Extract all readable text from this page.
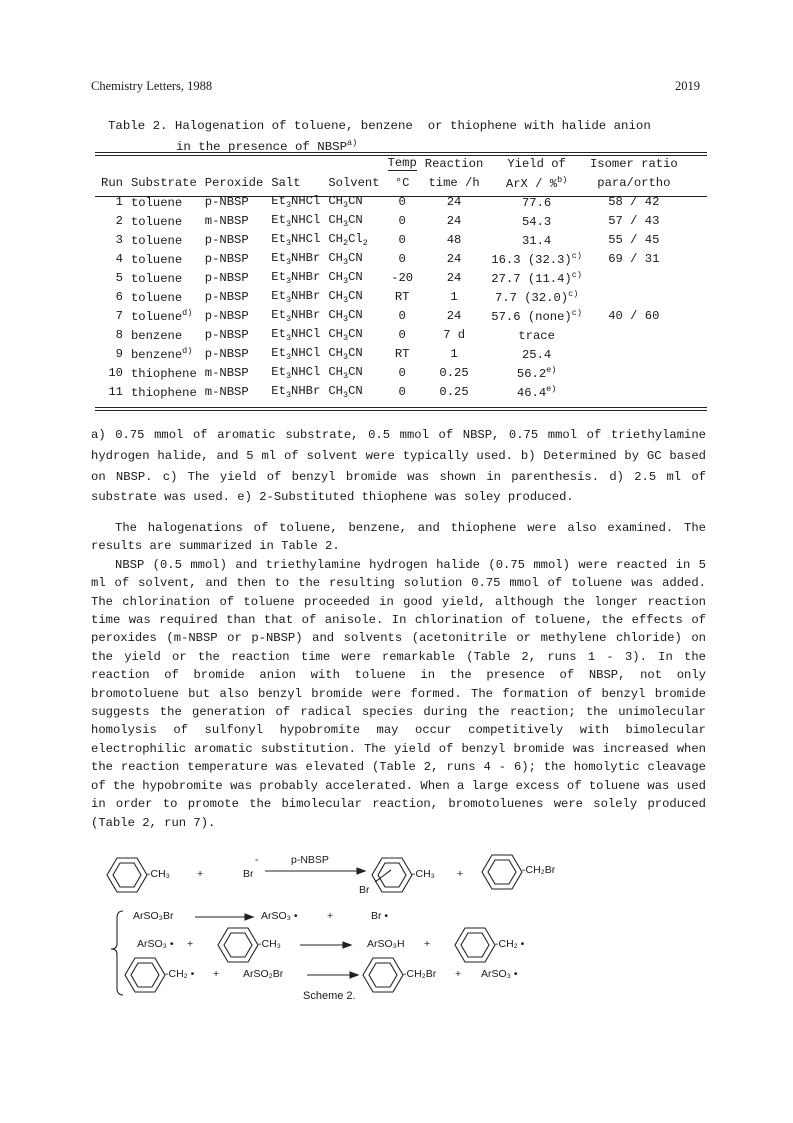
Chemistry Letters, 1988	2019
Table 2. Halogenation of toluene, benzene  or thiophene with halide anion
in the presence of NBSP$^{a)}$
					Temp	Reaction	Yield of	Isomer ratio
Run	Substrate	Peroxide	Salt	Solvent	°C	time /h	ArX / %$^{b)}$	para/ortho
1	toluene	p-NBSP	$Et_3NHCl$	$CH_3CN$	0	24	77.6	58 / 42
2	toluene	m-NBSP	$Et_3NHCl$	$CH_3CN$	0	24	54.3	57 / 43
3	toluene	p-NBSP	$Et_3NHCl$	$CH_2Cl_2$	0	48	31.4	55 / 45
4	toluene	p-NBSP	$Et_3NHBr$	$CH_3CN$	0	24	16.3 $(32.3)^{c)}$	69 / 31
5	toluene	p-NBSP	$Et_3NHBr$	$CH_3CN$	-20	24	27.7 $(11.4)^{c)}$	
6	toluene	p-NBSP	$Et_3NHBr$	$CH_3CN$	RT	1	7.7 $(32.0)^{c)}$	
7	toluene$^{d)}$	p-NBSP	$Et_3NHBr$	$CH_3CN$	0	24	57.6 (none)$^{c)}$	40 / 60
8	benzene	p-NBSP	$Et_3NHCl$	$CH_3CN$	0	7 d	trace	
9	benzene$^{d)}$	p-NBSP	$Et_3NHCl$	$CH_3CN$	RT	1	25.4	
10	thiophene	m-NBSP	$Et_3NHCl$	$CH_3CN$	0	0.25	56.2$^{e)}$	
11	thiophene	m-NBSP	$Et_3NHBr$	$CH_3CN$	0	0.25	46.4$^{e)}$	
a) 0.75 mmol of aromatic substrate, 0.5 mmol of NBSP, 0.75 mmol of triethylamine hydrogen halide, and 5 ml of solvent were typically used. b) Determined by GC based on NBSP. c) The yield of benzyl bromide was shown in parenthesis. d) 2.5 ml of substrate was used. e) 2-Substituted thiophene was soley produced.

The halogenations of toluene, benzene, and thiophene were also examined. The results are summarized in Table 2.

NBSP (0.5 mmol) and triethylamine hydrogen halide (0.75 mmol) were reacted in 5 ml of solvent, and then to the resulting solution 0.75 mmol of toluene was added. The chlorination of toluene proceeded in good yield, although the longer reaction time was required than that of anisole. In chlorination of toluene, the effects of peroxides (m-NBSP or p-NBSP) and solvents (acetonitrile or methylene chloride) on the yield or the reaction time were remarkable (Table 2, runs 1 - 3). In the reaction of bromide anion with toluene in the presence of NBSP, not only bromotoluene but also benzyl bromide were formed. The formation of benzyl bromide suggests the generation of radical species during the reaction; the unimolecular homolysis of sulfonyl hypobromite may occur competitively with bimolecular electrophilic aromatic substitution. The yield of benzyl bromide was increased when the reaction temperature was elevated (Table 2, runs 4 - 6); the homolytic cleavage of the hypobromite was probably accelerated. When a large excess of toluene was used in order to promote the bimolecular reaction, bromotoluenes were solely produced (Table 2, run 7).

-CH₃	+	Br
-	p-NBSP
-CH₃
Br
+	-CH₂Br
ArSO₃Br	ArSO₃ •	+	Br •
ArSO₃ • +	-CH₃	ArSO₃H +	-CH₂ •
-CH₂ • + ArSO₂Br	-CH₂Br + ArSO₃ •
Scheme 2.
